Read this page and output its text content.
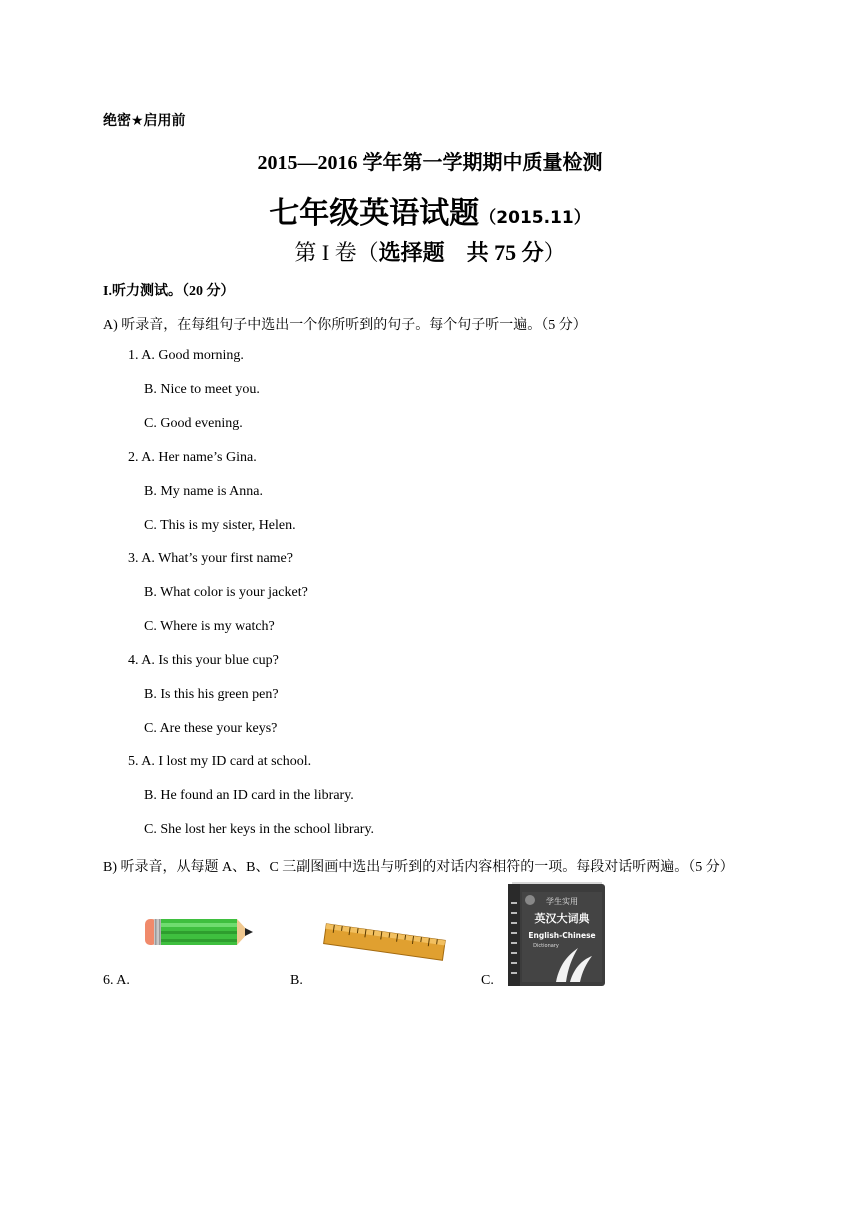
绝密★启用前
2015—2016 学年第一学期期中质量检测
七年级英语试题（2015.11）
第 I 卷（选择题　共 75 分）
I.听力测试。（20 分）
A) 听录音，在每组句子中选出一个你所听到的句子。每个句子听一遍。（5 分）
1. A. Good morning.
B. Nice to meet you.
C. Good evening.
2. A. Her name’s Gina.
B. My name is Anna.
C. This is my sister, Helen.
3. A. What’s your first name?
B. What color is your jacket?
C. Where is my watch?
4. A. Is this your blue cup?
B. Is this his green pen?
C. Are these your keys?
5. A. I lost my ID card at school.
B. He found an ID card in the library.
C. She lost her keys in the school library.
B) 听录音，从每题 A、B、C 三副图画中选出与听到的对话内容相符的一项。每段对话听两遍。（5 分）
学生实用
英汉大词典
English-Chinese
Dictionary
6. A.	B.	C.
